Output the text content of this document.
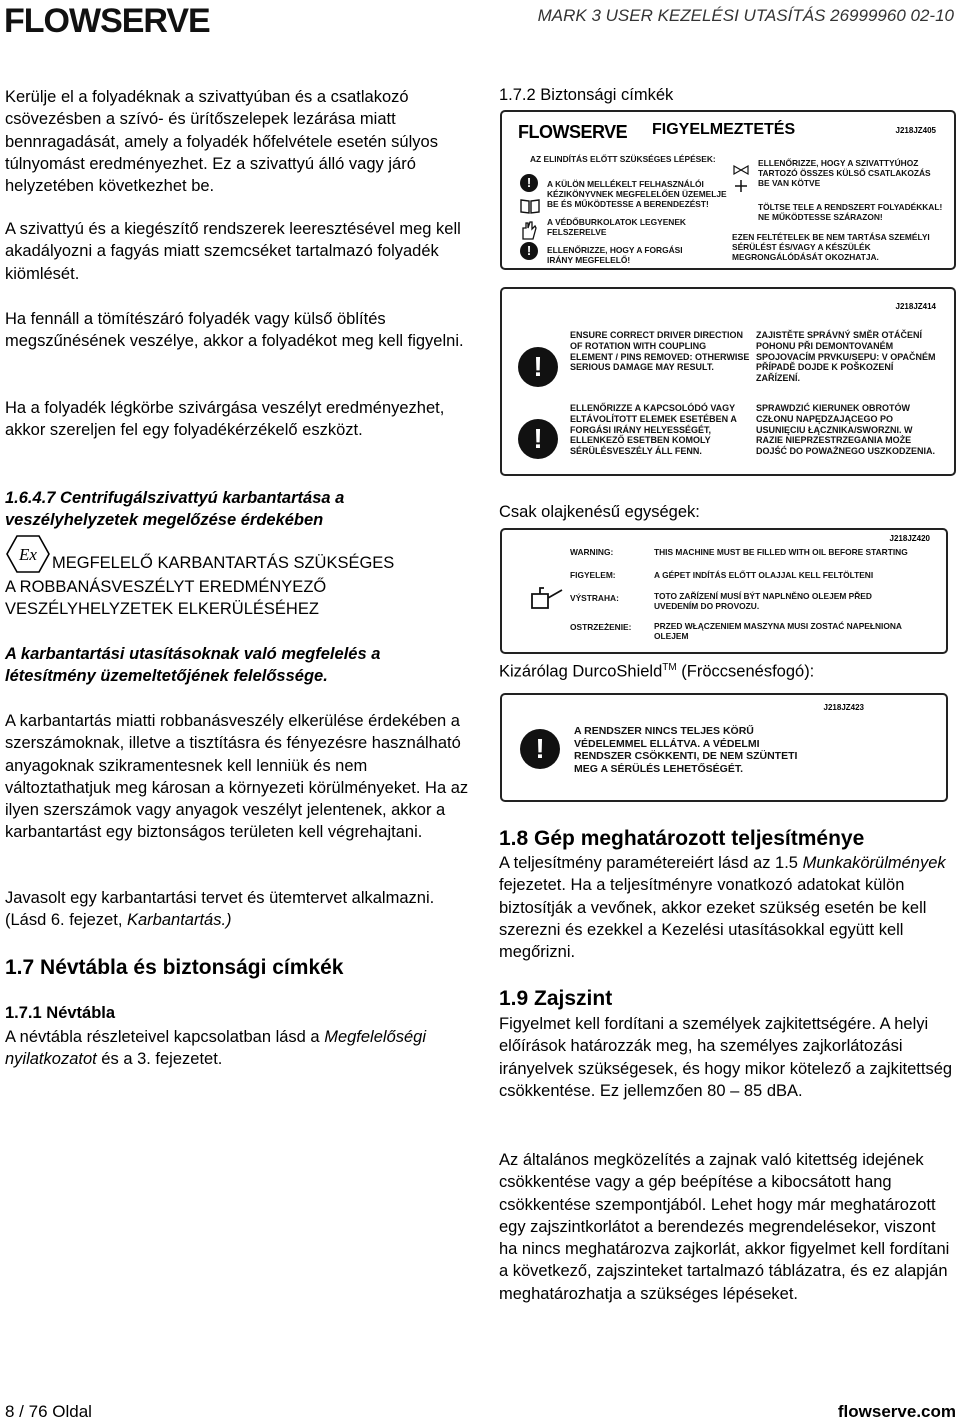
FLOWSERVE	MARK 3 USER KEZELÉSI UTASÍTÁS 26999960 02-10

Kerülje el a folyadéknak a szivattyúban és a csatlakozó csövezésben a szívó- és ürítőszelepek lezárása miatt bennragadását, amely a folyadék hőfelvétele esetén súlyos túlnyomást eredményezhet. Ez a szivattyú álló vagy járó helyzetében következhet be.

A szivattyú és a kiegészítő rendszerek leeresztésével meg kell akadályozni a fagyás miatt szemcséket tartalmazó folyadék kiömlését.

Ha fennáll a tömítészáró folyadék vagy külső öblítés megszűnésének veszélye, akkor a folyadékot meg kell figyelni.

Ha a folyadék légkörbe szivárgása veszélyt eredményezhet, akkor szereljen fel egy folyadékérzékelő eszközt.

1.6.4.7 Centrifugálszivattyú karbantartása a veszélyhelyzetek megelőzése érdekében
Ex MEGFELELŐ KARBANTARTÁS SZÜKSÉGES
A ROBBANÁSVESZÉLYT EREDMÉNYEZŐ VESZÉLYHELYZETEK ELKERÜLÉSÉHEZ
A karbantartási utasításoknak való megfelelés a létesítmény üzemeltetőjének felelőssége.

A karbantartás miatti robbanásveszély elkerülése érdekében a szerszámoknak, illetve a tisztításra és fényezésre használható anyagoknak szikramentesnek kell lenniük és nem változtathatjuk meg károsan a környezeti körülményeket. Ha az ilyen szerszámok vagy anyagok veszélyt jelentenek, akkor a karbantartást egy biztonságos területen kell végrehajtani.

Javasolt egy karbantartási tervet és ütemtervet alkalmazni. (Lásd 6. fejezet, Karbantartás.)

1.7 Névtábla és biztonsági címkék
1.7.1 Névtábla

A névtábla részleteivel kapcsolatban lásd a Megfelelőségi nyilatkozatot és a 3. fejezetet.

1.7.2 Biztonsági címkék
FLOWSERVE FIGYELMEZTETÉS	J218JZ405
AZ ELINDÍTÁS ELŐTT SZÜKSÉGES LÉPÉSEK:
!
!
A KÜLÖN MELLÉKELT FELHASZNÁLÓI KÉZIKÖNYVNEK MEGFELELŐEN ÜZEMELJE BE ÉS MŰKÖDTESSE A BERENDEZÉST!
A VÉDŐBURKOLATOK LEGYENEK FELSZERELVE
ELLENŐRIZZE, HOGY A FORGÁSI IRÁNY MEGFELELŐ!
ELLENŐRIZZE, HOGY A SZIVATTYÚHOZ TARTOZÓ ÖSSZES KÜLSŐ CSATLAKOZÁS BE VAN KÖTVE
TÖLTSE TELE A RENDSZERT FOLYADÉKKAL! NE MŰKÖDTESSE SZÁRAZON!
EZEN FELTÉTELEK BE NEM TARTÁSA SZEMÉLYI SÉRÜLÉST ÉS/VAGY A KÉSZÜLÉK MEGRONGÁLÓDÁSÁT OKOZHATJA.
J218JZ414
!
!
ENSURE CORRECT DRIVER DIRECTION OF ROTATION WITH COUPLING ELEMENT / PINS REMOVED: OTHERWISE SERIOUS DAMAGE MAY RESULT.
ZAJISTĚTE SPRÁVNÝ SMĚR OTÁČENÍ POHONU PŘI DEMONTOVANÉM SPOJOVACÍM PRVKU/SEPU: V OPAČNÉM PŘÍPADĚ DOJDE K POŠKOZENÍ ZAŘÍZENÍ.
ELLENŐRIZZE A KAPCSOLÓDÓ VAGY ELTÁVOLÍTOTT ELEMEK ESETÉBEN A FORGÁSI IRÁNY HELYESSÉGÉT, ELLENKEZŐ ESETBEN KOMOLY SÉRÜLÉSVESZÉLY ÁLL FENN.
SPRAWDZIĆ KIERUNEK OBROTÓW CZŁONU NAPĘDZAJĄCEGO PO USUNIĘCIU ŁĄCZNIKA/SWORZNI. W RAZIE NIEPRZESTRZEGANIA MOŻE DOJŚĆ DO POWAŻNEGO USZKODZENIA.
Csak olajkenésű egységek:
J218JZ420
WARNING:	THIS MACHINE MUST BE FILLED WITH OIL BEFORE STARTING
FIGYELEM:	A GÉPET INDÍTÁS ELŐTT OLAJJAL KELL FELTÖLTENI
VÝSTRAHA:	TOTO ZAŘÍZENÍ MUSÍ BÝT NAPLNĚNO OLEJEM PŘED UVEDENÍM DO PROVOZU.
OSTRZEŻENIE:	PRZED WŁĄCZENIEM MASZYNA MUSI ZOSTAĆ NAPEŁNIONA OLEJEM
Kizárólag DurcoShield™ (Fröccsenésfogó):
J218JZ423
!
A RENDSZER NINCS TELJES KÖRŰ VÉDELEMMEL ELLÁTVA. A VÉDELMI RENDSZER CSÖKKENTI, DE NEM SZÜNTETI MEG A SÉRÜLÉS LEHETŐSÉGÉT.
1.8 Gép meghatározott teljesítménye

A teljesítmény paramétereiért lásd az 1.5 Munkakörülmények fejezetet. Ha a teljesítményre vonatkozó adatokat külön biztosítják a vevőnek, akkor ezeket szükség esetén be kell szerezni és ezekkel a Kezelési utasításokkal együtt kell megőrizni.

1.9 Zajszint

Figyelmet kell fordítani a személyek zajkitettségére. A helyi előírások határozzák meg, ha személyes zajkorlátozási irányelvek szükségesek, és hogy mikor kötelező a zajkitettség csökkentése. Ez jellemzően 80 – 85 dBA.

Az általános megközelítés a zajnak való kitettség idejének csökkentése vagy a gép beépítése a kibocsátott hang csökkentése szempontjából. Lehet hogy már meghatározott egy zajszintkorlátot a berendezés megrendelésekor, viszont ha nincs meghatározva zajkorlát, akkor figyelmet kell fordítani a következő, zajszinteket tartalmazó táblázatra, és ez alapján meghatározhatja a szükséges lépéseket.

8 / 76 Oldal	flowserve.com
